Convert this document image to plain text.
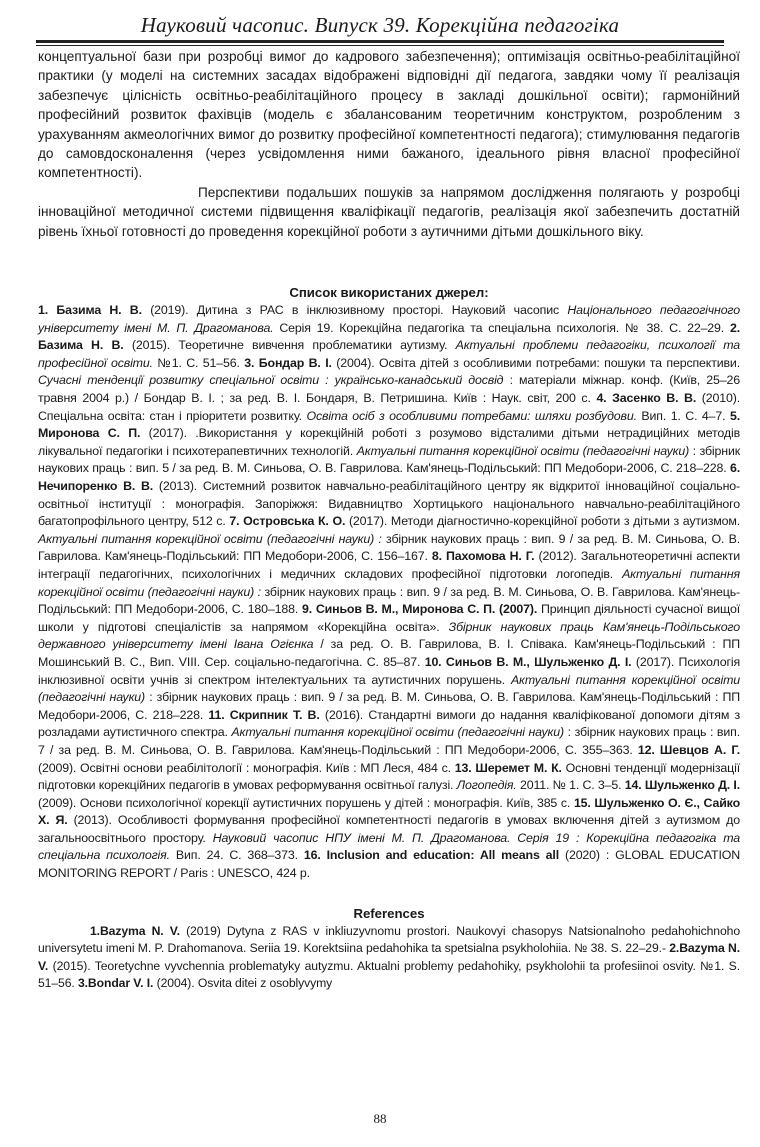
Науковий часопис. Випуск 39. Корекційна педагогіка

концептуальної бази при розробці вимог до кадрового забезпечення); оптимізація освітньо-реабілітаційної практики (у моделі на системних засадах відображені відповідні дії педагога, завдяки чому її реалізація забезпечує цілісність освітньо-реабілітаційного процесу в закладі дошкільної освіти); гармонійний професійний розвиток фахівців (модель є збалансованим теоретичним конструктом, розробленим з урахуванням акмеологічних вимог до розвитку професійної компетентності педагога); стимулювання педагогів до самовдосконалення (через усвідомлення ними бажаного, ідеального рівня власної професійної компетентності).

Перспективи подальших пошуків за напрямом дослідження полягають у розробці інноваційної методичної системи підвищення кваліфікації педагогів, реалізація якої забезпечить достатній рівень їхньої готовності до проведення корекційної роботи з аутичними дітьми дошкільного віку.

Список використаних джерел:

1. Базима Н. В. (2019). Дитина з РАС в інклюзивному просторі. Науковий часопис Національного педагогічного університету імені М. П. Драгоманова. Серія 19. Корекційна педагогіка та спеціальна психологія. № 38. С. 22–29. 2. Базима Н. В. (2015). Теоретичне вивчення проблематики аутизму. Актуальні проблеми педагогіки, психології та професійної освіти. №1. С. 51–56. 3. Бондар В. І. (2004). Освіта дітей з особливими потребами: пошуки та перспективи. Сучасні тенденції розвитку спеціальної освіти : українсько-канадський досвід : матеріали міжнар. конф. (Київ, 25–26 травня 2004 р.) / Бондар В. І. ; за ред. В. І. Бондаря, В. Петришина. Київ : Наук. світ, 200 с. 4. Засенко В. В. (2010). Спеціальна освіта: стан і пріоритети розвитку. Освіта осіб з особливими потребами: шляхи розбудови. Вип. 1. С. 4–7. 5. Миронова С. П. (2017). .Використання у корекційній роботі з розумово відсталими дітьми нетрадиційних методів лікувальної педагогіки і психотерапевтичних технологій. Актуальні питання корекційної освіти (педагогічні науки) : збірник наукових праць : вип. 5 / за ред. В. М. Синьова, О. В. Гаврилова. Кам'янець-Подільський: ПП Медобори-2006, С. 218–228. 6. Нечипоренко В. В. (2013). Системний розвиток навчально-реабілітаційного центру як відкритої інноваційної соціально-освітньої інституції : монографія. Запоріжжя: Видавництво Хортицького національного навчально-реабілітаційного багатопрофільного центру, 512 с. 7. Островська К. О. (2017). Методи діагностично-корекційної роботи з дітьми з аутизмом. Актуальні питання корекційної освіти (педагогічні науки) : збірник наукових праць : вип. 9 / за ред. В. М. Синьова, О. В. Гаврилова. Кам'янець-Подільський: ПП Медобори-2006, С. 156–167. 8. Пахомова Н. Г. (2012). Загальнотеоретичні аспекти інтеграції педагогічних, психологічних і медичних складових професійної підготовки логопедів. Актуальні питання корекційної освіти (педагогічні науки) : збірник наукових праць : вип. 9 / за ред. В. М. Синьова, О. В. Гаврилова. Кам'янець-Подільський: ПП Медобори-2006, С. 180–188. 9. Синьов В. М., Миронова С. П. (2007). Принцип діяльності сучасної вищої школи у підготові спеціалістів за напрямом «Корекційна освіта». Збірник наукових праць Кам'янець-Подільського державного університету імені Івана Огієнка / за ред. О. В. Гаврилова, В. І. Співака. Кам'янець-Подільський : ПП Мошинський В. С., Вип. VIII. Сер. соціально-педагогічна. С. 85–87. 10. Синьов В. М., Шульженко Д. І. (2017). Психологія інклюзивної освіти учнів зі спектром інтелектуальних та аутистичних порушень. Актуальні питання корекційної освіти (педагогічні науки) : збірник наукових праць : вип. 9 / за ред. В. М. Синьова, О. В. Гаврилова. Кам'янець-Подільський : ПП Медобори-2006, С. 218–228. 11. Скрипник Т. В. (2016). Стандартні вимоги до надання кваліфікованої допомоги дітям з розладами аутистичного спектра. Актуальні питання корекційної освіти (педагогічні науки) : збірник наукових праць : вип. 7 / за ред. В. М. Синьова, О. В. Гаврилова. Кам'янець-Подільський : ПП Медобори-2006, С. 355–363. 12. Шевцов А. Г. (2009). Освітні основи реабілітології : монографія. Київ : МП Леся, 484 с. 13. Шеремет М. К. Основні тенденції модернізації підготовки корекційних педагогів в умовах реформування освітньої галузі. Логопедія. 2011. № 1. С. 3–5. 14. Шульженко Д. І. (2009). Основи психологічної корекції аутистичних порушень у дітей : монографія. Київ, 385 с. 15. Шульженко О. Є., Сайко Х. Я. (2013). Особливості формування професійної компетентності педагогів в умовах включення дітей з аутизмом до загальноосвітнього простору. Науковий часопис НПУ імені М. П. Драгоманова. Серія 19 : Корекційна педагогіка та спеціальна психологія. Вип. 24. С. 368–373. 16. Inclusion and education: All means all (2020) : GLOBAL EDUCATION MONITORING REPORT / Paris : UNESCO, 424 p.

References

1.Bazyma N. V. (2019) Dytyna z RAS v inkliuzyvnomu prostori. Naukovyi chasopys Natsionalnoho pedahohichnoho universytetu imeni M. P. Drahomanova. Seriia 19. Korektsiina pedahohika ta spetsialna psykholohiia. № 38. S. 22–29.- 2.Bazyma N. V. (2015). Teoretychne vyvchennia problematyky autyzmu. Aktualni problemy pedahohiky, psykholohii ta profesiinoi osvity. №1. S. 51–56. 3.Bondar V. I. (2004). Osvita ditei z osoblyvymy

88
